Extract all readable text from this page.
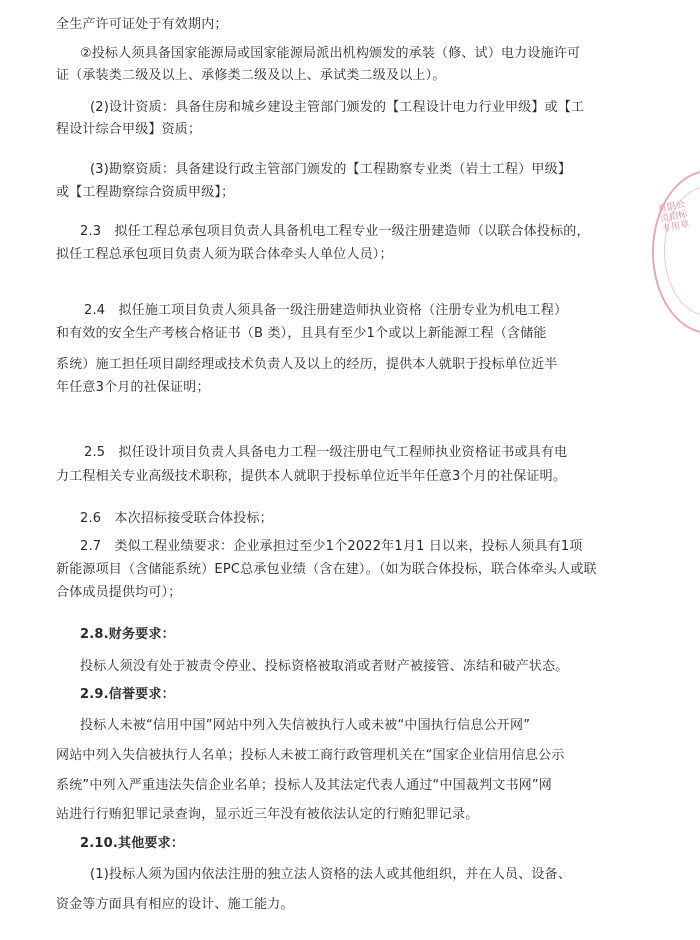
全生产许可证处于有效期内；
②投标人须具备国家能源局或国家能源局派出机构颁发的承装（修、试）电力设施许可
证（承装类二级及以上、承修类二级及以上、承试类二级及以上）。
(2)设计资质：具备住房和城乡建设主管部门颁发的【工程设计电力行业甲级】或【工
程设计综合甲级】资质；
(3)勘察资质：具备建设行政主管部门颁发的【工程勘察专业类（岩土工程）甲级】
或【工程勘察综合资质甲级】；
2.3　拟任工程总承包项目负责人具备机电工程专业一级注册建造师（以联合体投标的，
拟任工程总承包项目负责人须为联合体牵头人单位人员）；
2.4　拟任施工项目负责人须具备一级注册建造师执业资格（注册专业为机电工程）
和有效的安全生产考核合格证书（B 类），且具有至少1个或以上新能源工程（含储能
系统）施工担任项目副经理或技术负责人及以上的经历，提供本人就职于投标单位近半
年任意3个月的社保证明；
2.5　拟任设计项目负责人具备电力工程一级注册电气工程师执业资格证书或具有电
力工程相关专业高级技术职称，提供本人就职于投标单位近半年任意3个月的社保证明。
2.6　本次招标接受联合体投标；
2.7　类似工程业绩要求：企业承担过至少1个2022年1月1 日以来，投标人须具有1项
新能源项目（含储能系统）EPC总承包业绩（含在建）。（如为联合体投标，联合体牵头人或联
合体成员提供均可）；
2.8.财务要求：
投标人须没有处于被责令停业、投标资格被取消或者财产被接管、冻结和破产状态。
2.9.信誉要求：
投标人未被“信用中国”网站中列入失信被执行人或未被“中国执行信息公开网”
网站中列入失信被执行人名单；投标人未被工商行政管理机关在“国家企业信用信息公示
系统”中列入严重违法失信企业名单；投标人及其法定代表人通过“中国裁判文书网”网
站进行行贿犯罪记录查询，显示近三年没有被依法认定的行贿犯罪记录。
2.10.其他要求：
(1)投标人须为国内依法注册的独立法人资格的法人或其他组织，并在人员、设备、
资金等方面具有相应的设计、施工能力。
有限公司招标专用章
